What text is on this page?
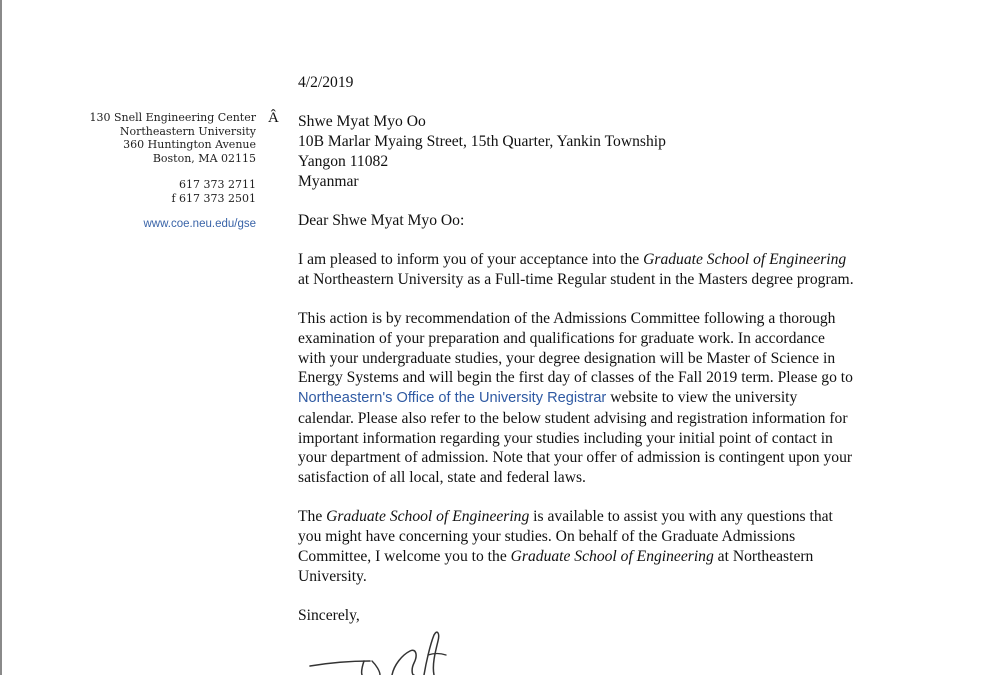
130 Snell Engineering Center
Northeastern University
360 Huntington Avenue
Boston, MA 02115
617 373 2711
f 617 373 2501
www.coe.neu.edu/gse
Â
4/2/2019
Shwe Myat Myo Oo
10B Marlar Myaing Street, 15th Quarter, Yankin Township
Yangon 11082
Myanmar
Dear Shwe Myat Myo Oo:
I am pleased to inform you of your acceptance into the Graduate School of Engineering
at Northeastern University as a Full-time Regular student in the Masters degree program.
This action is by recommendation of the Admissions Committee following a thorough
examination of your preparation and qualifications for graduate work. In accordance
with your undergraduate studies, your degree designation will be Master of Science in
Energy Systems and will begin the first day of classes of the Fall 2019 term. Please go to
Northeastern's Office of the University Registrar website to view the university
calendar. Please also refer to the below student advising and registration information for
important information regarding your studies including your initial point of contact in
your department of admission. Note that your offer of admission is contingent upon your
satisfaction of all local, state and federal laws.
The Graduate School of Engineering is available to assist you with any questions that
you might have concerning your studies. On behalf of the Graduate Admissions
Committee, I welcome you to the Graduate School of Engineering at Northeastern
University.
Sincerely,
